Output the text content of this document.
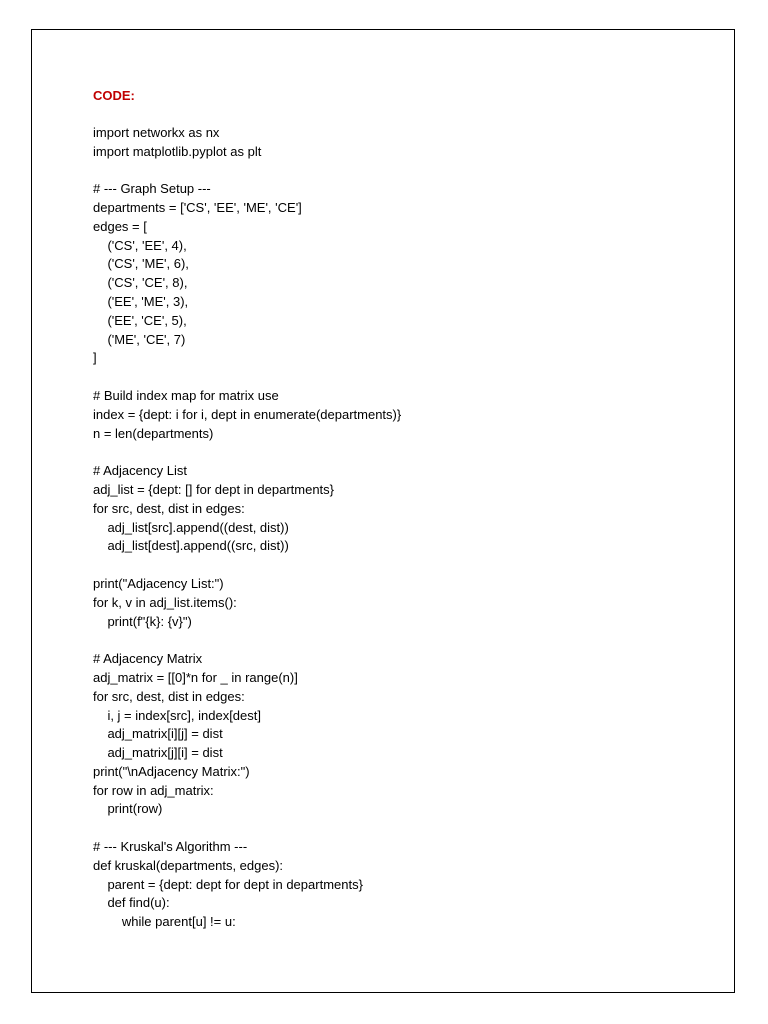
CODE:

import networkx as nx
import matplotlib.pyplot as plt
# --- Graph Setup ---
departments = ['CS', 'EE', 'ME', 'CE']
edges = [
('CS', 'EE', 4),
('CS', 'ME', 6),
('CS', 'CE', 8),
('EE', 'ME', 3),
('EE', 'CE', 5),
('ME', 'CE', 7)
]
# Build index map for matrix use
index = {dept: i for i, dept in enumerate(departments)}
n = len(departments)
# Adjacency List
adj_list = {dept: [] for dept in departments}
for src, dest, dist in edges:
adj_list[src].append((dest, dist))
adj_list[dest].append((src, dist))
print("Adjacency List:")
for k, v in adj_list.items():
print(f"{k}: {v}")
# Adjacency Matrix
adj_matrix = [[0]*n for _ in range(n)]
for src, dest, dist in edges:
i, j = index[src], index[dest]
adj_matrix[i][j] = dist
adj_matrix[j][i] = dist
print("\nAdjacency Matrix:")
for row in adj_matrix:
print(row)
# --- Kruskal's Algorithm ---
def kruskal(departments, edges):
parent = {dept: dept for dept in departments}
def find(u):
while parent[u] != u:
